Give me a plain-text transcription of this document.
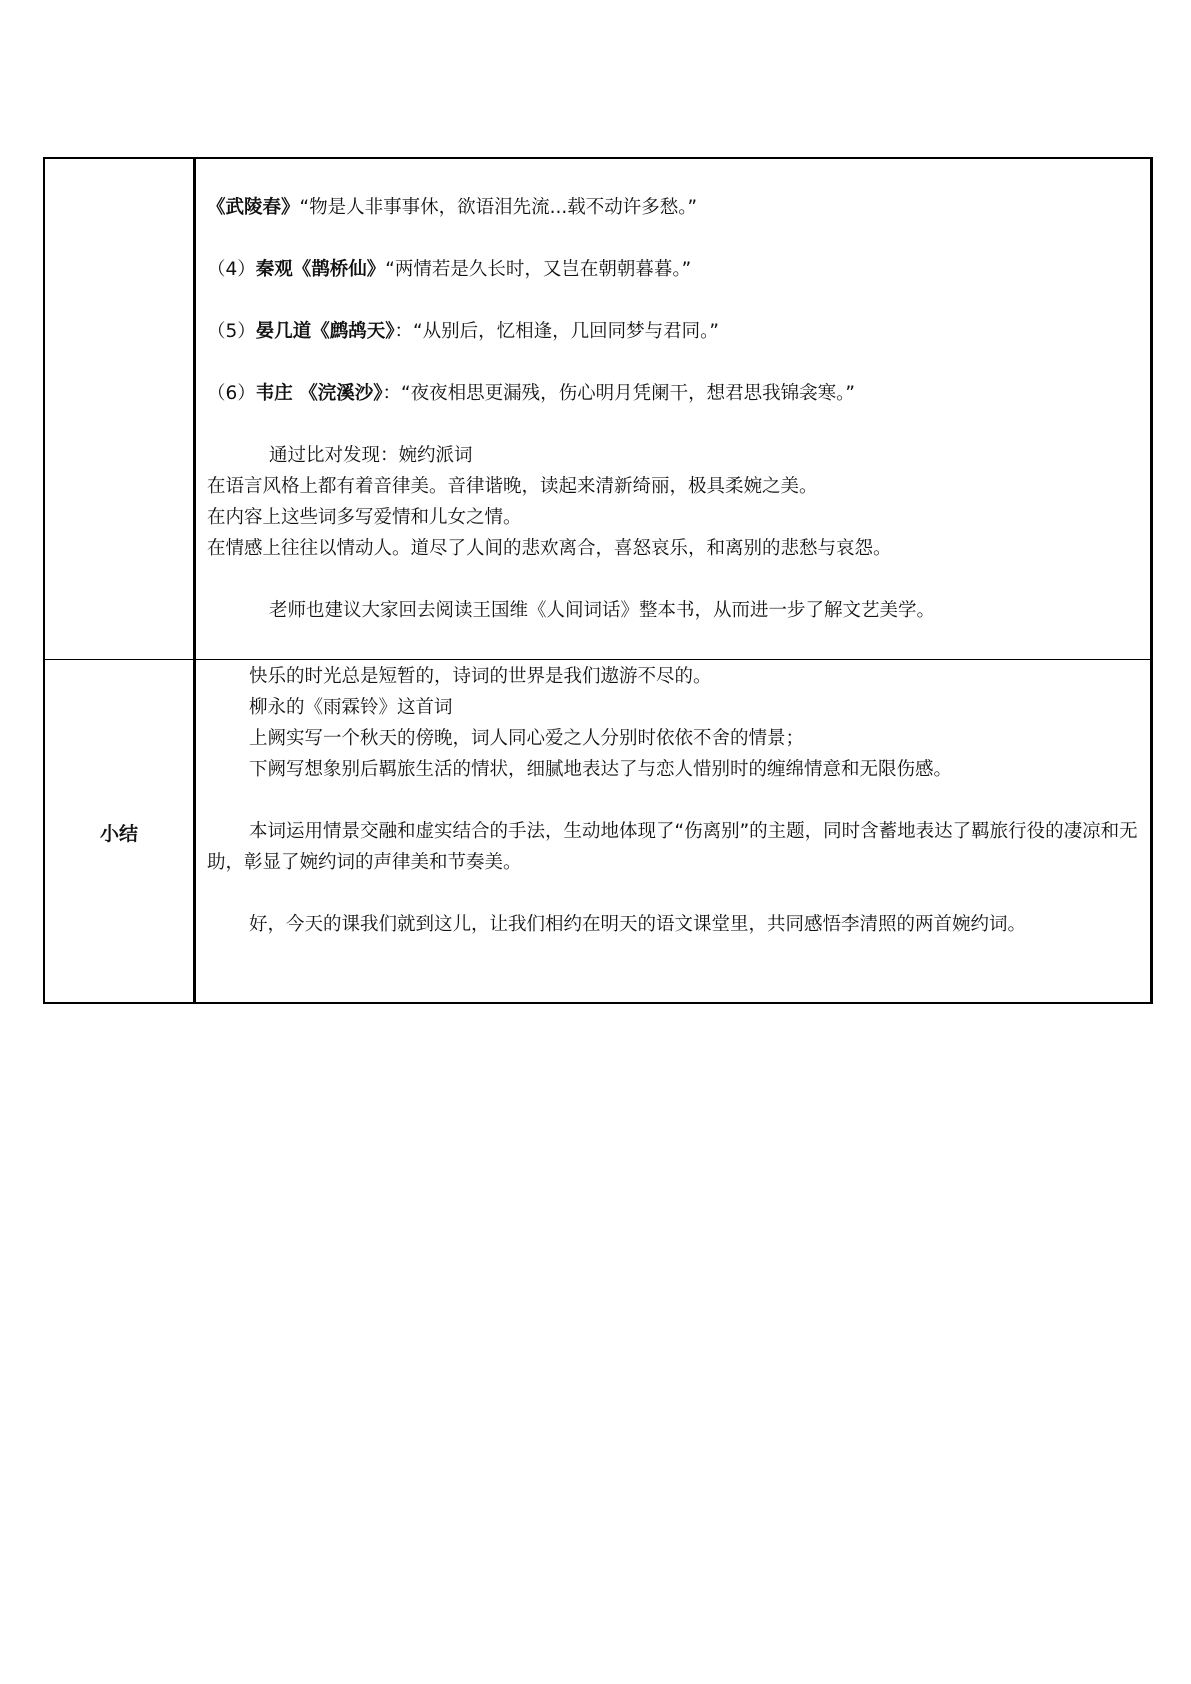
《武陵春》“物是人非事事休，欲语泪先流...载不动许多愁。”

（4）秦观《鹊桥仙》“两情若是久长时，又岂在朝朝暮暮。”

（5）晏几道《鹧鸪天》：“从别后，忆相逢，几回同梦与君同。”

（6）韦庄 《浣溪沙》：“夜夜相思更漏残，伤心明月凭阑干，想君思我锦衾寒。”

通过比对发现：婉约派词

在语言风格上都有着音律美。音律谐晚，读起来清新绮丽，极具柔婉之美。

在内容上这些词多写爱情和儿女之情。

在情感上往往以情动人。道尽了人间的悲欢离合，喜怒哀乐，和离别的悲愁与哀怨。

老师也建议大家回去阅读王国维《人间词话》整本书，从而进一步了解文艺美学。

小结

快乐的时光总是短暂的，诗词的世界是我们遨游不尽的。

柳永的《雨霖铃》这首词

上阙实写一个秋天的傍晚，词人同心爱之人分别时依依不舍的情景；

下阙写想象别后羁旅生活的情状，细腻地表达了与恋人惜别时的缠绵情意和无限伤感。

本词运用情景交融和虚实结合的手法，生动地体现了“伤离别”的主题，同时含蓄地表达了羁旅行役的凄凉和无助，彰显了婉约词的声律美和节奏美。

好，今天的课我们就到这儿，让我们相约在明天的语文课堂里，共同感悟李清照的两首婉约词。
